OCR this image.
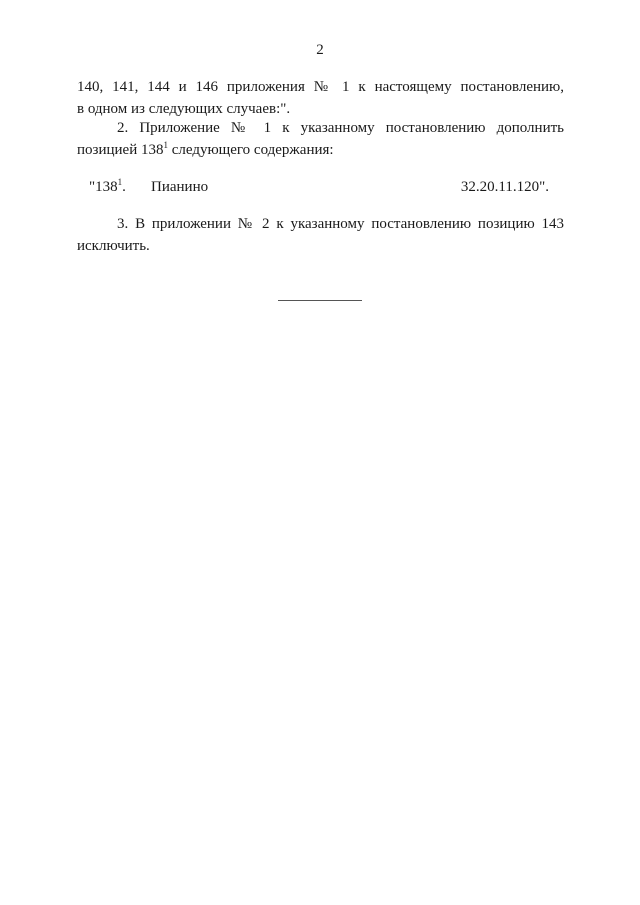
2
140, 141, 144 и 146 приложения № 1 к настоящему постановлению,
в одном из следующих случаев:".
2. Приложение № 1 к указанному постановлению дополнить
позицией $138^1$ следующего содержания:
"$138^1$. Пианино	32.20.11.120".
3. В приложении № 2 к указанному постановлению позицию 143
исключить.
